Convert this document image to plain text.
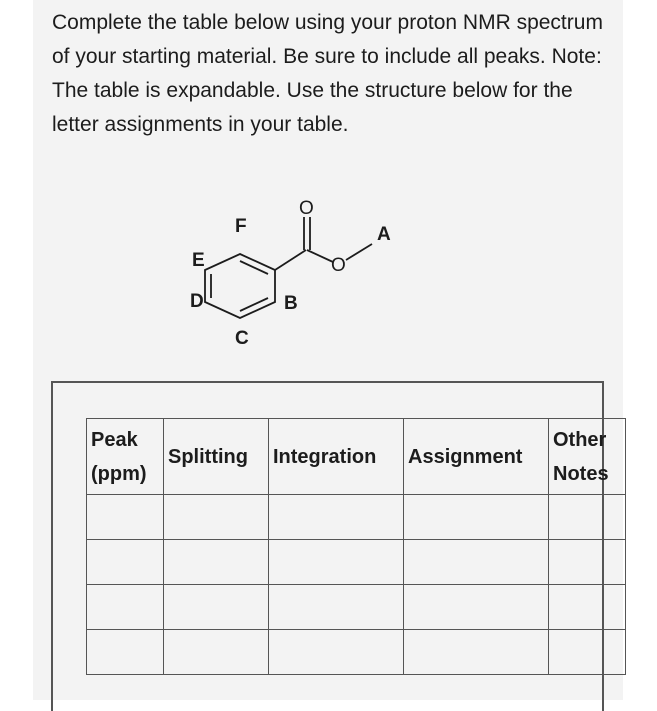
Complete the table below using your proton NMR spectrum of your starting material. Be sure to include all peaks. Note: The table is expandable. Use the structure below for the letter assignments in your table.

O
O
A
B
C
D
E
F
Peak (ppm)	Splitting	Integration	Assignment	Other Notes
